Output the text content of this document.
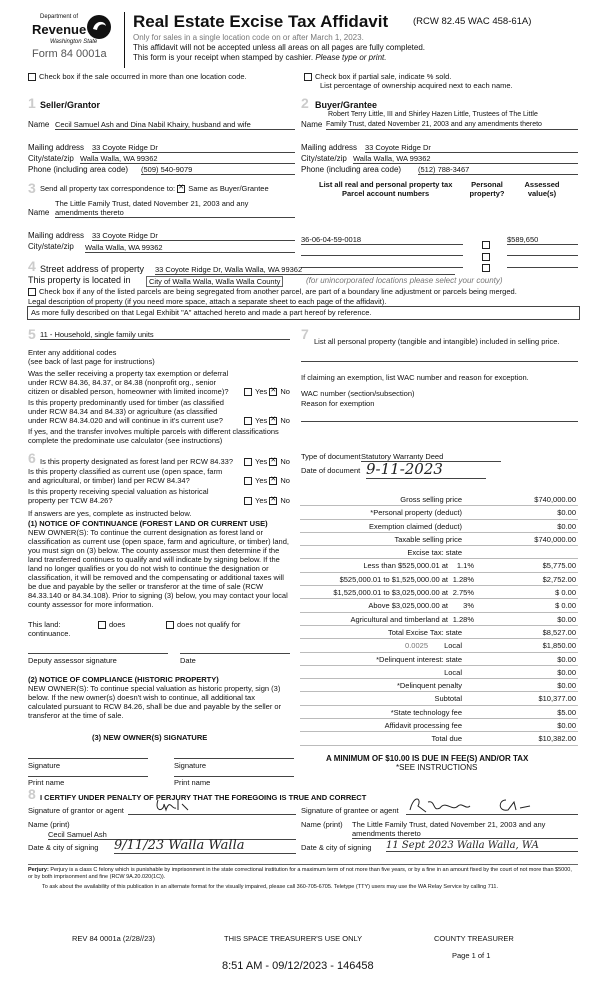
Department of
Revenue
Washington State
Form 84 0001a
Real Estate Excise Tax Affidavit	(RCW 82.45 WAC 458-61A)
Only for sales in a single location code on or after March 1, 2023.
This affidavit will not be accepted unless all areas on all pages are fully completed.
This form is your receipt when stamped by cashier. Please type or print.
Check box if the sale occurred in more than one location code.	Check box if partial sale, indicate % sold.
List percentage of ownership acquired next to each name.
1 Seller/Grantor
Name Cecil Samuel Ash and Dina Nabil Khairy, husband and wife
Mailing address 33 Coyote Ridge Dr
City/state/zip Walla Walla, WA 99362
Phone (including area code) (509) 540-9079
2 Buyer/Grantee
Robert Terry Little, III and Shirley Hazen Little, Trustees of The Little
Name Family Trust, dated November 21, 2003 and any amendments thereto
Mailing address 33 Coyote Ridge Dr
City/state/zip Walla Walla, WA 99362
Phone (including area code) (512) 788-3467
3 Send all property tax correspondence to: ✕ Same as Buyer/Grantee
The Little Family Trust, dated November 21, 2003 and any
Name amendments thereto
Mailing address 33 Coyote Ridge Dr
City/state/zip Walla Walla, WA 99362
List all real and personal property tax
Parcel account numbers
Personal property?
Assessed value(s)
36-06-04-59-0018	$589,650
4 Street address of property 33 Coyote Ridge Dr, Walla Walla, WA 99362
This property is located in	City of Walla Walla, Walla Walla County	(for unincorporated locations please select your county)
Check box if any of the listed parcels are being segregated from another parcel, are part of a boundary line adjustment or parcels being merged.
Legal description of property (if you need more space, attach a separate sheet to each page of the affidavit).
As more fully described on that Legal Exhibit "A" attached hereto and made a part hereof by reference.
5 11 - Household, single family units
Enter any additional codes
(see back of last page for instructions)
Was the seller receiving a property tax exemption or deferral
under RCW 84.36, 84.37, or 84.38 (nonprofit org., senior
citizen or disabled person, homeowner with limited income)?	Yes ✕ No
Is this property predominantly used for timber (as classified
under RCW 84.34 and 84.33) or agriculture (as classified
under RCW 84.34.020 and will continue in it's current use?	Yes ✕ No
If yes, and the transfer involves multiple parcels with different classifications
complete the predominate use calculator (see instructions)
7 List all personal property (tangible and intangible) included in selling price.
If claiming an exemption, list WAC number and reason for exception.
WAC number (section/subsection)
Reason for exemption
6 Is this property designated as forest land per RCW 84.33?	Yes ✕ No
Is this property classified as current use (open space, farm
and agricultural, or timber) land per RCW 84.34?	Yes ✕ No
Is this property receiving special valuation as historical
property per TCW 84.26?	Yes ✕ No
If answers are yes, complete as instructed below.
(1) NOTICE OF CONTINUANCE (FOREST LAND OR CURRENT USE)
NEW OWNER(S): To continue the current designation as forest land or classification as current use (open space, farm and agriculture, or timber) land, you must sign on (3) below. The county assessor must then determine if the land transferred continues to qualify and will indicate by signing below. If the land no longer qualifies or you do not wish to continue the designation or classification, it will be removed and the compensating or additional taxes will be due and payable by the seller or transferor at the time of sale (RCW 84.33.140 or 84.34.108). Prior to signing (3) below, you may contact your local county assessor for more information.
This land:
continuance.
does	does not qualify for
Deputy assessor signature	Date
(2) NOTICE OF COMPLIANCE (HISTORIC PROPERTY)
NEW OWNER(S): To continue special valuation as historic property, sign (3) below. If the new owner(s) doesn't wish to continue, all additional tax calculated pursuant to RCW 84.26, shall be due and payable by the seller or transferor at the time of sale.
(3) NEW OWNER(S) SIGNATURE
Signature	Signature
Print name	Print name
Type of document Statutory Warranty Deed
Date of document 9-11-2023
Gross selling price	$740,000.00
*Personal property (deduct)	$0.00
Exemption claimed (deduct)	$0.00
Taxable selling price	$740,000.00
Excise tax: state
Less than $525,000.01 at 1.1%	$5,775.00
$525,000.01 to $1,525,000.00 at 1.28%	$2,752.00
$1,525,000.01 to $3,025,000.00 at 2.75%	$ 0.00
Above $3,025,000.00 at 3%	$ 0.00
Agricultural and timberland at 1.28%	$0.00
Total Excise Tax: state	$8,527.00
Local
0.0025	$1,850.00
*Delinquent interest: state	$0.00
Local	$0.00
*Delinquent penalty	$0.00
Subtotal	$10,377.00
*State technology fee	$5.00
Affidavit processing fee	$0.00
Total due	$10,382.00
A MINIMUM OF $10.00 IS DUE IN FEE(S) AND/OR TAX
*SEE INSTRUCTIONS
8 I CERTIFY UNDER PENALTY OF PERJURY THAT THE FOREGOING IS TRUE AND CORRECT
Signature of grantor or agent	Signature of grantee or agent
Name (print)
Cecil Samuel Ash
Name (print) The Little Family Trust, dated November 21, 2003 and any
amendments thereto
Date & city of signing 9/11/23 Walla Walla	Date & city of signing 11 Sept 2023 Walla Walla, WA
Perjury: Perjury is a class C felony which is punishable by imprisonment in the state correctional institution for a maximum term of not more than five years, or by a fine in an amount fixed by the court of not more than $5000, or by both imprisonment and fine (RCW 9A.20.020(1C)).
To ask about the availability of this publication in an alternate format for the visually impaired, please call 360-705-6705. Teletype (TTY) users may use the WA Relay Service by calling 711.
REV 84 0001a (2/28//23)	THIS SPACE TREASURER'S USE ONLY	COUNTY TREASURER
Page 1 of 1
8:51 AM - 09/12/2023 - 146458
